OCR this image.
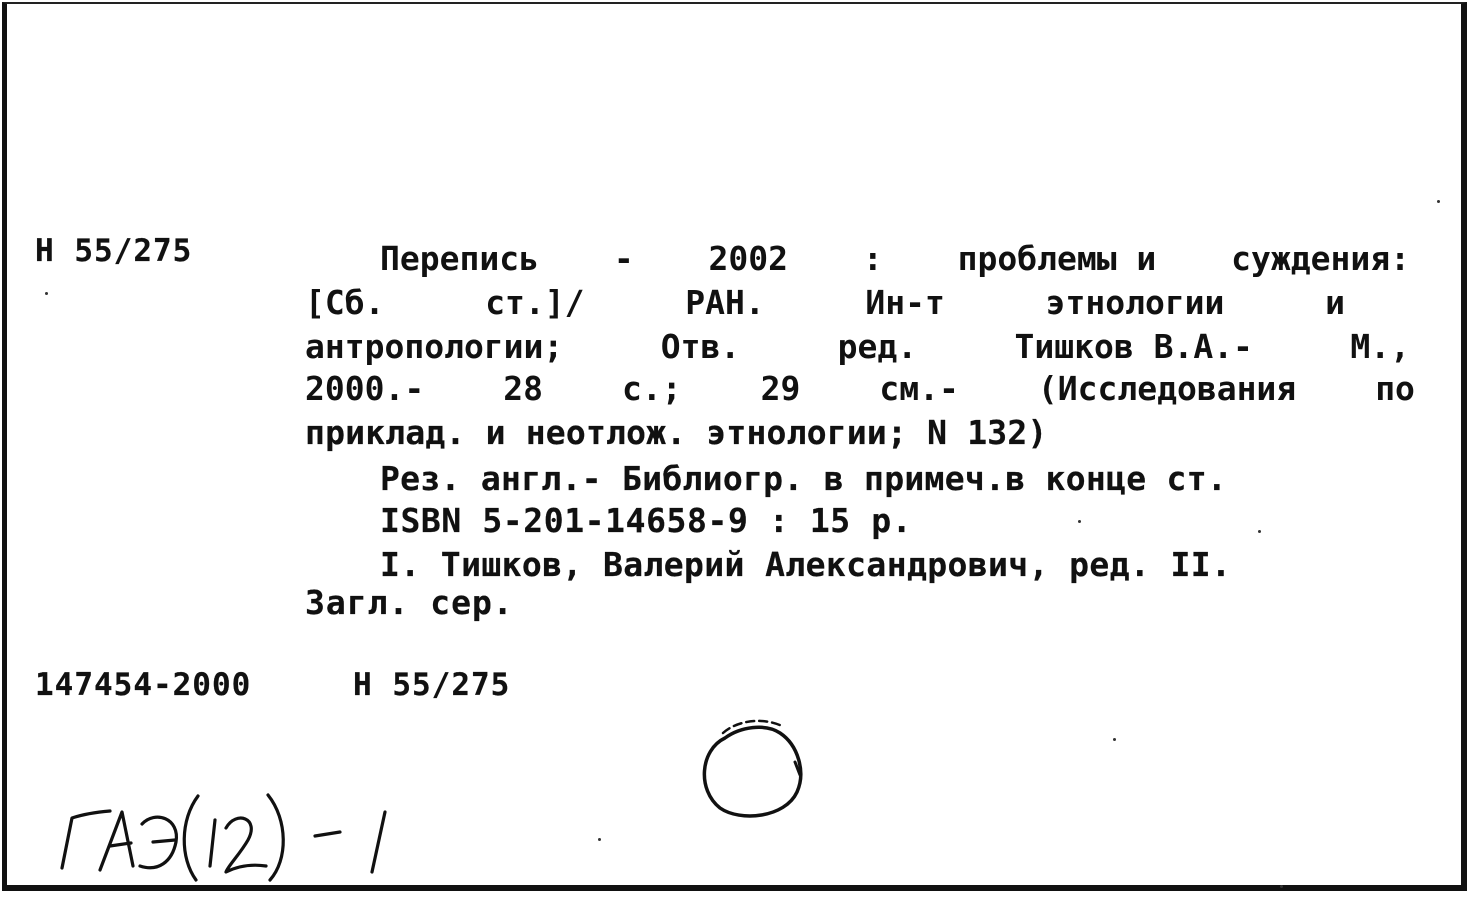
Н 55/275	Перепись - 2002 : проблемы и суждения:
[Сб.	ст.]/	РАН.	Ин-т	этнологии	и
антропологии;	Отв.	ред.	Тишков В.А.-	М.,
2000.- 28 с.; 29 см.- (Исследования по
приклад. и неотлож. этнологии; N 132)
Рез. англ.- Библиогр. в примеч.в конце ст.
ISBN 5-201-14658-9 : 15 р.
I. Тишков, Валерий Александрович, ред. II.
Загл. сер.
147454-2000	Н 55/275
